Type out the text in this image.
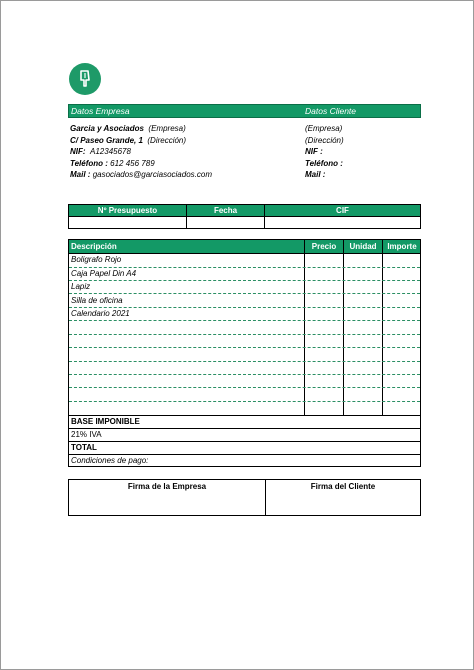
Datos Empresa	Datos Cliente
Garcia y Asociados (Empresa)
C/ Paseo Grande, 1 (Dirección)
NIF: A12345678
Teléfono : 612 456 789
Mail : gasociados@garciasociados.com
(Empresa)
(Dirección)
NIF :
Teléfono :
Mail :
Nº Presupuesto	Fecha	CIF
Descripción	Precio	Unidad	Importe
Boligrafo Rojo
Caja Papel Din A4
Lapiz
Silla de oficina
Calendario 2021
BASE IMPONIBLE
21% IVA
TOTAL
Condiciones de pago:
Firma de la Empresa	Firma del Cliente
